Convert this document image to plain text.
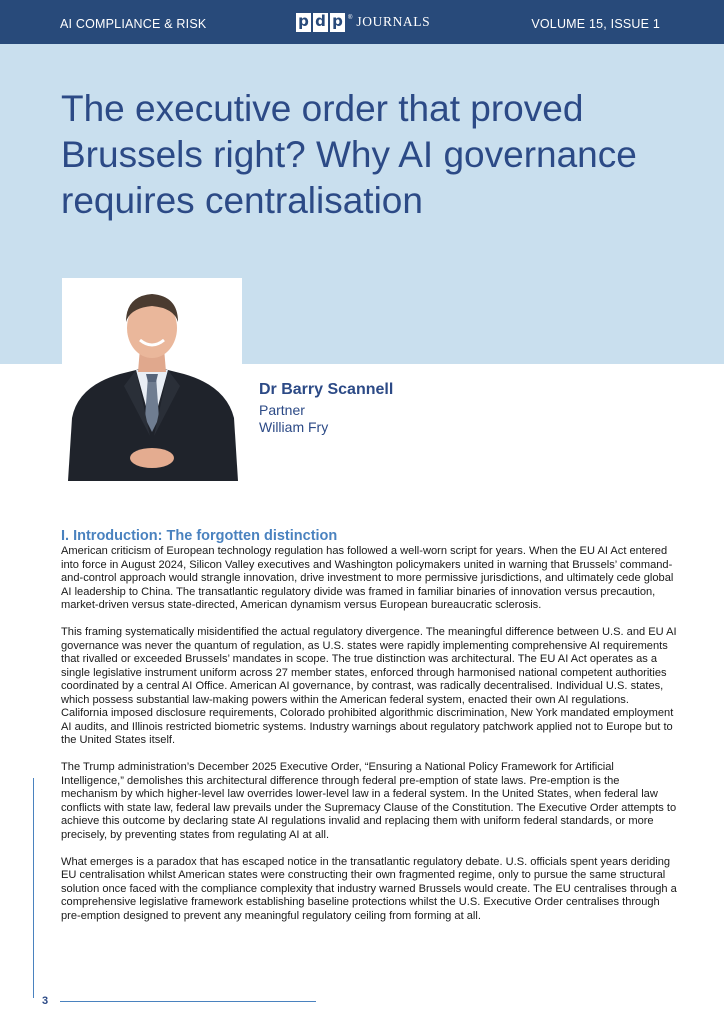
AI COMPLIANCE & RISK	p d p ® JOURNALS	VOLUME 15, ISSUE 1
The executive order that proved Brussels right? Why AI governance requires centralisation
Dr Barry Scannell
Partner
William Fry
I. Introduction: The forgotten distinction

American criticism of European technology regulation has followed a well-worn script for years. When the EU AI Act entered into force in August 2024, Silicon Valley executives and Washington policymakers united in warning that Brussels’ command-and-control approach would strangle innovation, drive investment to more permissive jurisdictions, and ultimately cede global AI leadership to China. The transatlantic regulatory divide was framed in familiar binaries of innovation versus precaution, market-driven versus state-directed, American dynamism versus European bureaucratic sclerosis.

This framing systematically misidentified the actual regulatory divergence. The meaningful difference between U.S. and EU AI governance was never the quantum of regulation, as U.S. states were rapidly implementing comprehensive AI requirements that rivalled or exceeded Brussels’ mandates in scope. The true distinction was architectural. The EU AI Act operates as a single legislative instrument uniform across 27 member states, enforced through harmonised national competent authorities coordinated by a central AI Office. American AI governance, by contrast, was radically decentralised. Individual U.S. states, which possess substantial law-making powers within the American federal system, enacted their own AI regulations. California imposed disclosure requirements, Colorado prohibited algorithmic discrimination, New York mandated employment AI audits, and Illinois restricted biometric systems. Industry warnings about regulatory patchwork applied not to Europe but to the United States itself.

The Trump administration’s December 2025 Executive Order, “Ensuring a National Policy Framework for Artificial Intelligence,” demolishes this architectural difference through federal pre-emption of state laws. Pre-emption is the mechanism by which higher-level law overrides lower-level law in a federal system. In the United States, when federal law conflicts with state law, federal law prevails under the Supremacy Clause of the Constitution. The Executive Order attempts to achieve this outcome by declaring state AI regulations invalid and replacing them with uniform federal standards, or more precisely, by preventing states from regulating AI at all.

What emerges is a paradox that has escaped notice in the transatlantic regulatory debate. U.S. officials spent years deriding EU centralisation whilst American states were constructing their own fragmented regime, only to pursue the same structural solution once faced with the compliance complexity that industry warned Brussels would create. The EU centralises through a comprehensive legislative framework establishing baseline protections whilst the U.S. Executive Order centralises through pre-emption designed to prevent any meaningful regulatory ceiling from forming at all.

3
